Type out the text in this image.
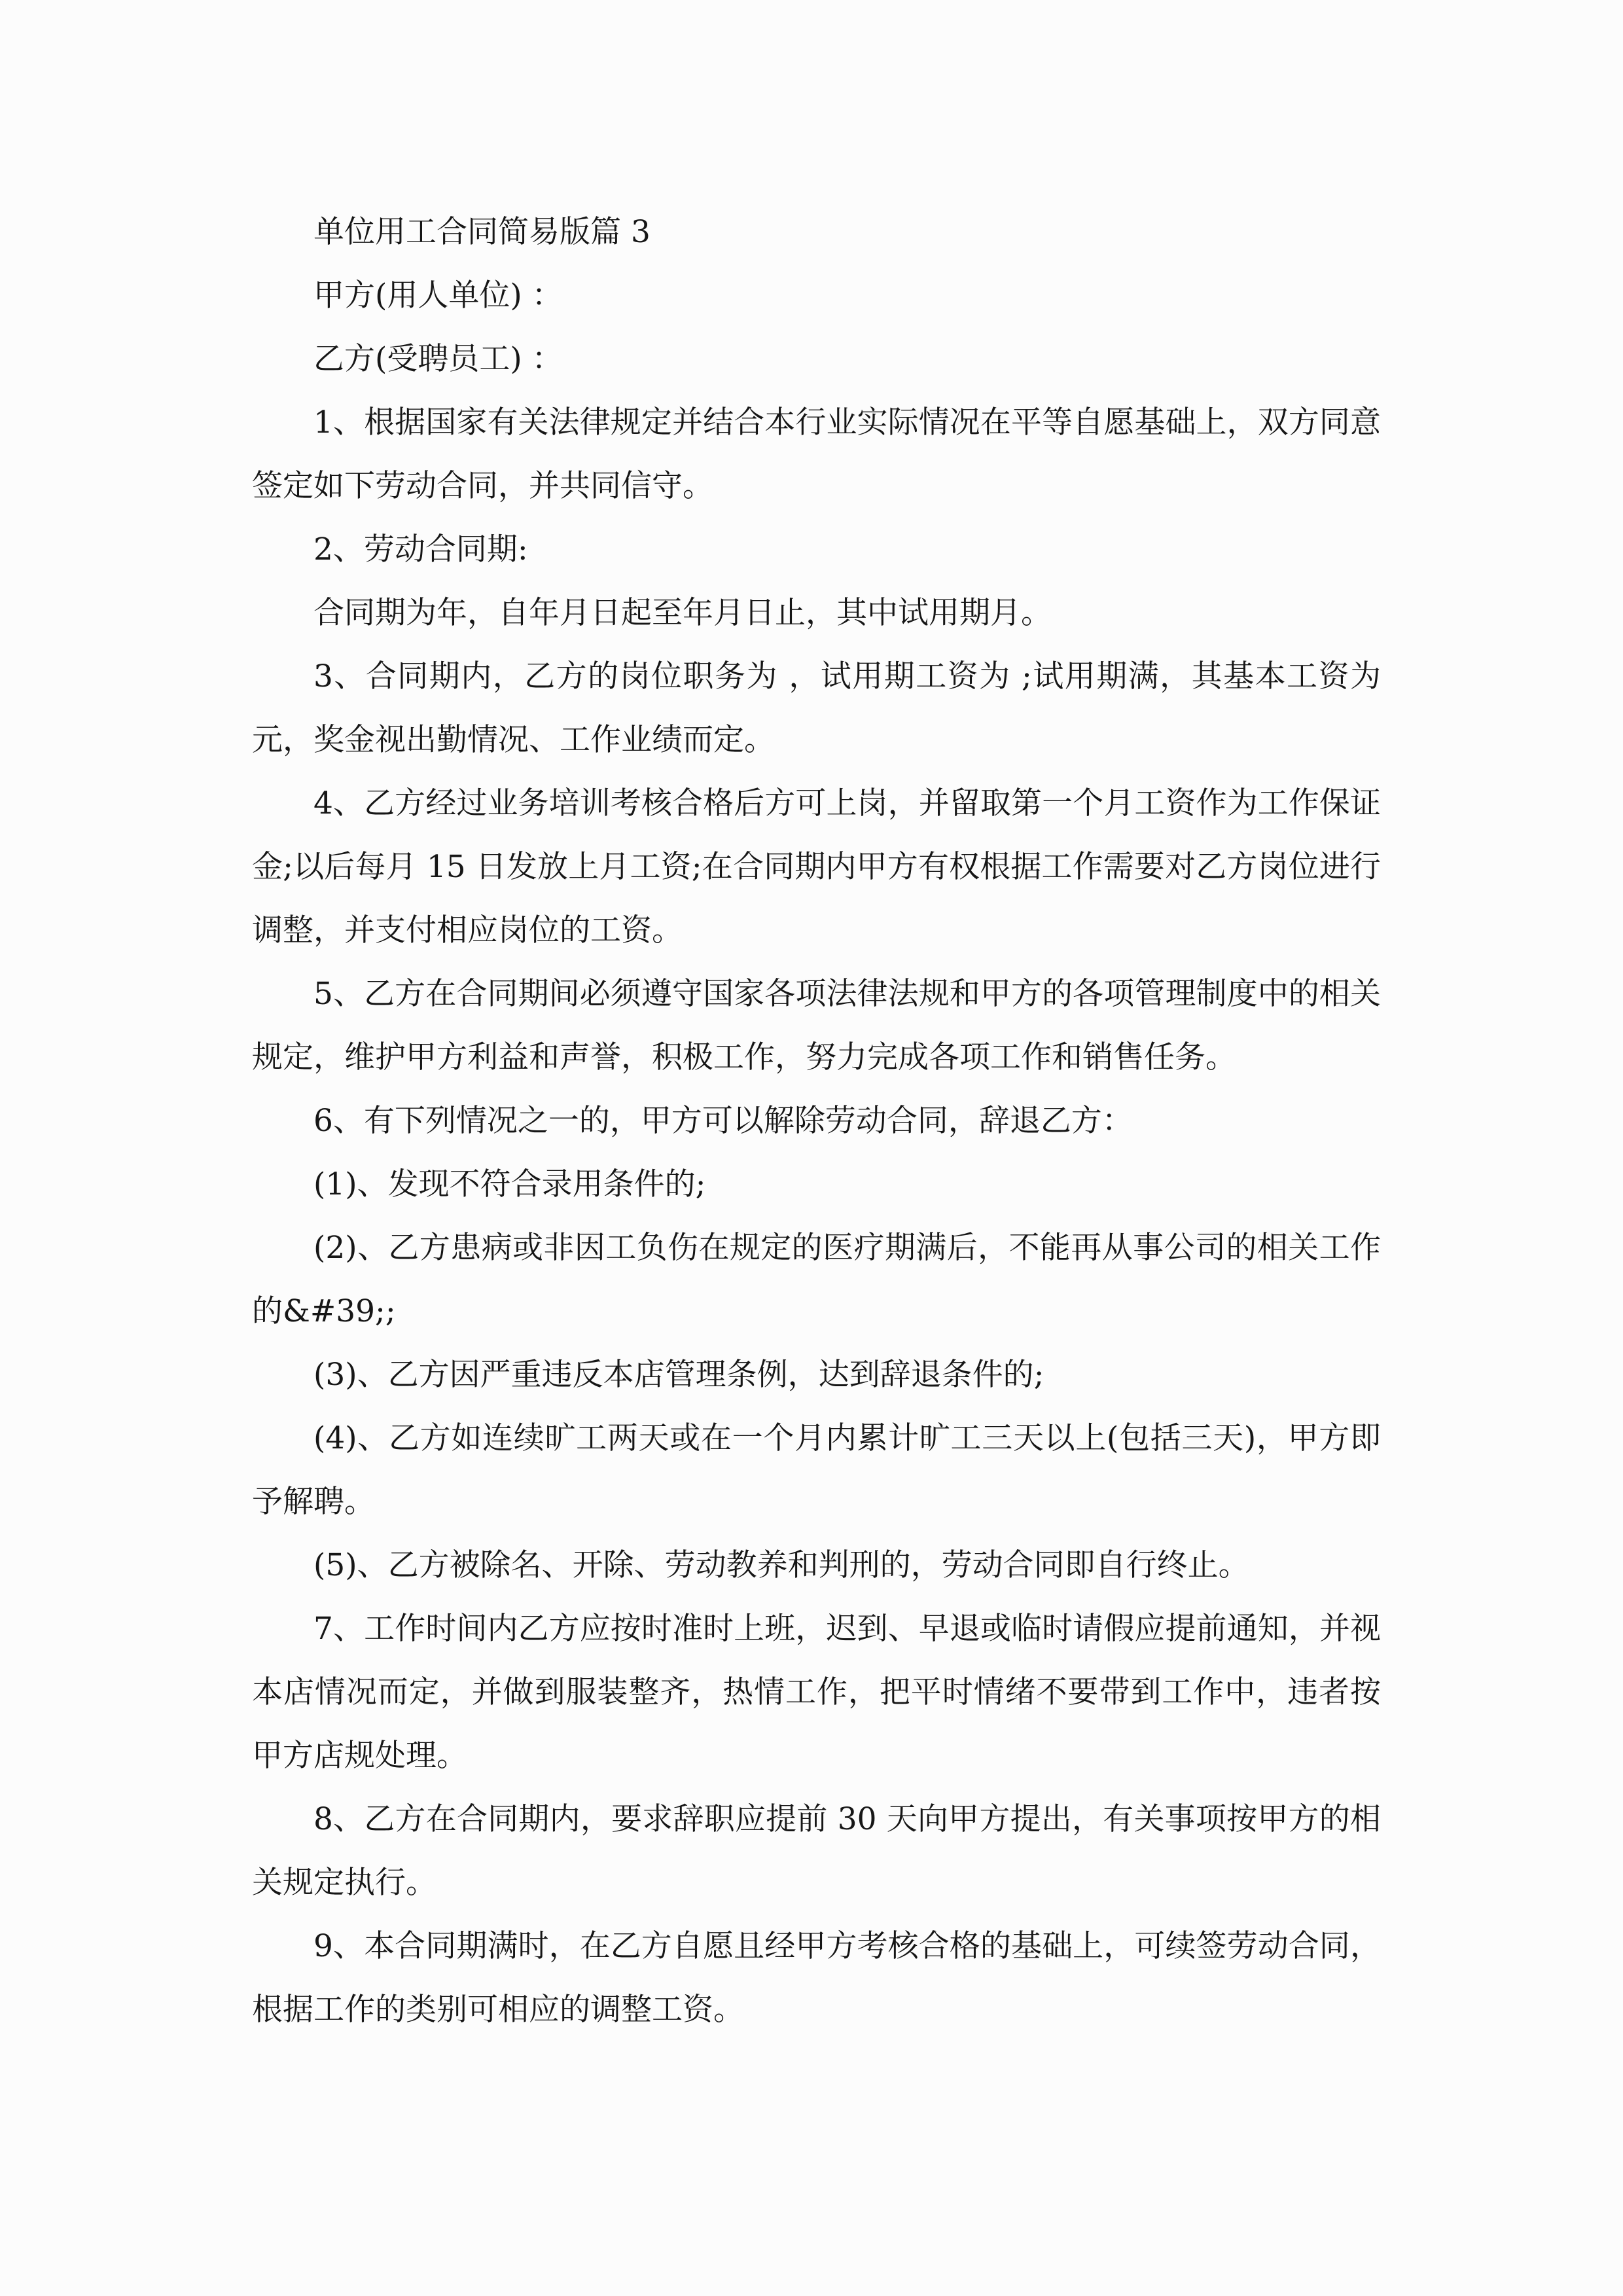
单位用工合同简易版篇 3

甲方(用人单位) ：

乙方(受聘员工) ：

1、根据国家有关法律规定并结合本行业实际情况在平等自愿基础上，双方同意签定如下劳动合同，并共同信守。

2、劳动合同期:

合同期为年，自年月日起至年月日止，其中试用期月。

3、合同期内，乙方的岗位职务为 ，试用期工资为 ;试用期满，其基本工资为 元，奖金视出勤情况、工作业绩而定。

4、乙方经过业务培训考核合格后方可上岗，并留取第一个月工资作为工作保证金;以后每月 15 日发放上月工资;在合同期内甲方有权根据工作需要对乙方岗位进行调整，并支付相应岗位的工资。

5、乙方在合同期间必须遵守国家各项法律法规和甲方的各项管理制度中的相关规定，维护甲方利益和声誉，积极工作，努力完成各项工作和销售任务。

6、有下列情况之一的，甲方可以解除劳动合同，辞退乙方：

(1)、发现不符合录用条件的;

(2)、乙方患病或非因工负伤在规定的医疗期满后，不能再从事公司的相关工作的&#39;;

(3)、乙方因严重违反本店管理条例，达到辞退条件的;

(4)、乙方如连续旷工两天或在一个月内累计旷工三天以上(包括三天)，甲方即予解聘。

(5)、乙方被除名、开除、劳动教养和判刑的，劳动合同即自行终止。

7、工作时间内乙方应按时准时上班，迟到、早退或临时请假应提前通知，并视本店情况而定，并做到服装整齐，热情工作，把平时情绪不要带到工作中，违者按甲方店规处理。

8、乙方在合同期内，要求辞职应提前 30 天向甲方提出，有关事项按甲方的相关规定执行。

9、本合同期满时，在乙方自愿且经甲方考核合格的基础上，可续签劳动合同，根据工作的类别可相应的调整工资。
